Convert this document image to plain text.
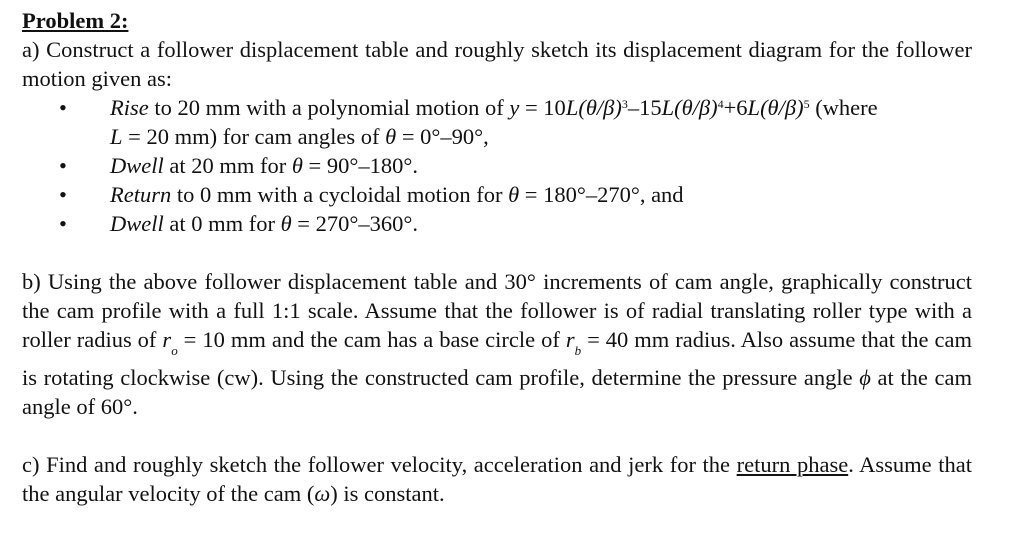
Problem 2:

a) Construct a follower displacement table and roughly sketch its displacement diagram for the follower motion given as:

• Rise to 20 mm with a polynomial motion of $y = 10L(\theta/\beta)^3-15L(\theta/\beta)^4+6L(\theta/\beta)^5$ (where
L = 20 mm) for cam angles of θ = 0°–90°,
• Dwell at 20 mm for θ = 90°–180°.
• Return to 0 mm with a cycloidal motion for θ = 180°–270°, and
• Dwell at 0 mm for θ = 270°–360°.

b) Using the above follower displacement table and 30° increments of cam angle, graphically construct the cam profile with a full 1:1 scale. Assume that the follower is of radial translating roller type with a roller radius of $r_o = 10$ mm and the cam has a base circle of $r_b = 40$ mm radius. Also assume that the cam is rotating clockwise (cw). Using the constructed cam profile, determine the pressure angle ϕ at the cam angle of 60°.

c) Find and roughly sketch the follower velocity, acceleration and jerk for the return phase. Assume that the angular velocity of the cam (ω) is constant.
